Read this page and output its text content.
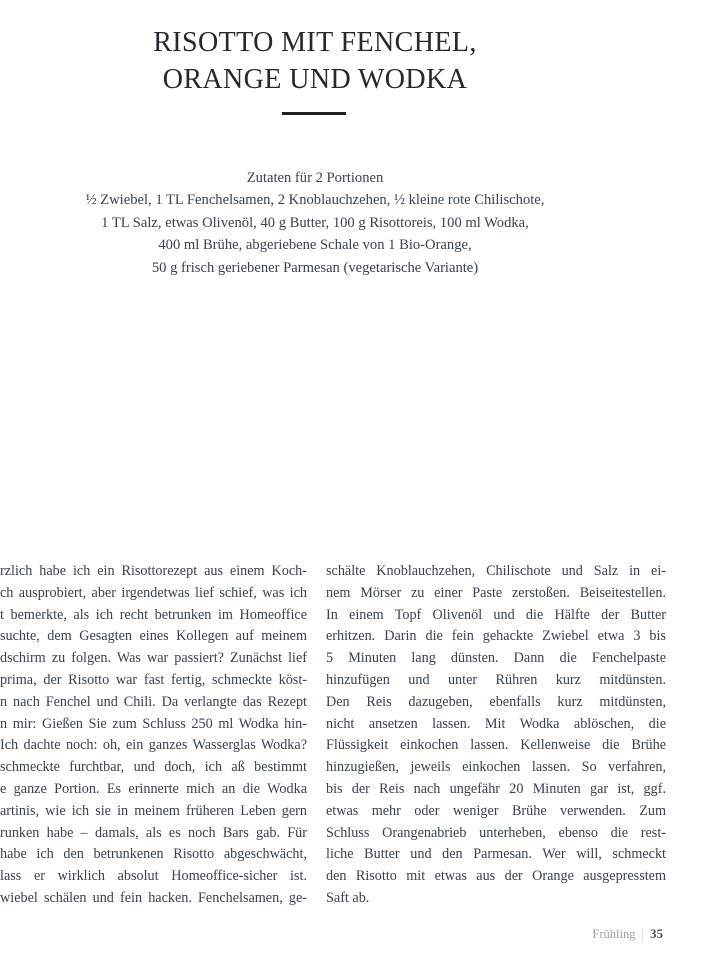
RISOTTO MIT FENCHEL,
ORANGE UND WODKA
Zutaten für 2 Portionen
½ Zwiebel, 1 TL Fenchelsamen, 2 Knoblauchzehen, ½ kleine rote Chilischote,
1 TL Salz, etwas Olivenöl, 40 g Butter, 100 g Risottoreis, 100 ml Wodka,
400 ml Brühe, abgeriebene Schale von 1 Bio-Orange,
50 g frisch geriebener Parmesan (vegetarische Variante)
rzlich habe ich ein Risottorezept aus einem Koch-
ch ausprobiert, aber irgendetwas lief schief, was ich
t bemerkte, als ich recht betrunken im Homeoffice
suchte, dem Gesagten eines Kollegen auf meinem
dschirm zu folgen. Was war passiert? Zunächst lief
prima, der Risotto war fast fertig, schmeckte köst-
n nach Fenchel und Chili. Da verlangte das Rezept
n mir: Gießen Sie zum Schluss 250 ml Wodka hin-
Ich dachte noch: oh, ein ganzes Wasserglas Wodka?
schmeckte furchtbar, und doch, ich aß bestimmt
e ganze Portion. Es erinnerte mich an die Wodka
artinis, wie ich sie in meinem früheren Leben gern
runken habe – damals, als es noch Bars gab. Für
habe ich den betrunkenen Risotto abgeschwächt,
lass er wirklich absolut Homeoffice-sicher ist.
wiebel schälen und fein hacken. Fenchelsamen, ge-
schälte Knoblauchzehen, Chilischote und Salz in ei-
nem Mörser zu einer Paste zerstoßen. Beiseitestellen.
In einem Topf Olivenöl und die Hälfte der Butter
erhitzen. Darin die fein gehackte Zwiebel etwa 3 bis
5 Minuten lang dünsten. Dann die Fenchelpaste
hinzufügen und unter Rühren kurz mitdünsten.
Den Reis dazugeben, ebenfalls kurz mitdünsten,
nicht ansetzen lassen. Mit Wodka ablöschen, die
Flüssigkeit einkochen lassen. Kellenweise die Brühe
hinzugießen, jeweils einkochen lassen. So verfahren,
bis der Reis nach ungefähr 20 Minuten gar ist, ggf.
etwas mehr oder weniger Brühe verwenden. Zum
Schluss Orangenabrieb unterheben, ebenso die rest-
liche Butter und den Parmesan. Wer will, schmeckt
den Risotto mit etwas aus der Orange ausgepresstem
Saft ab.
Frühling | 35
